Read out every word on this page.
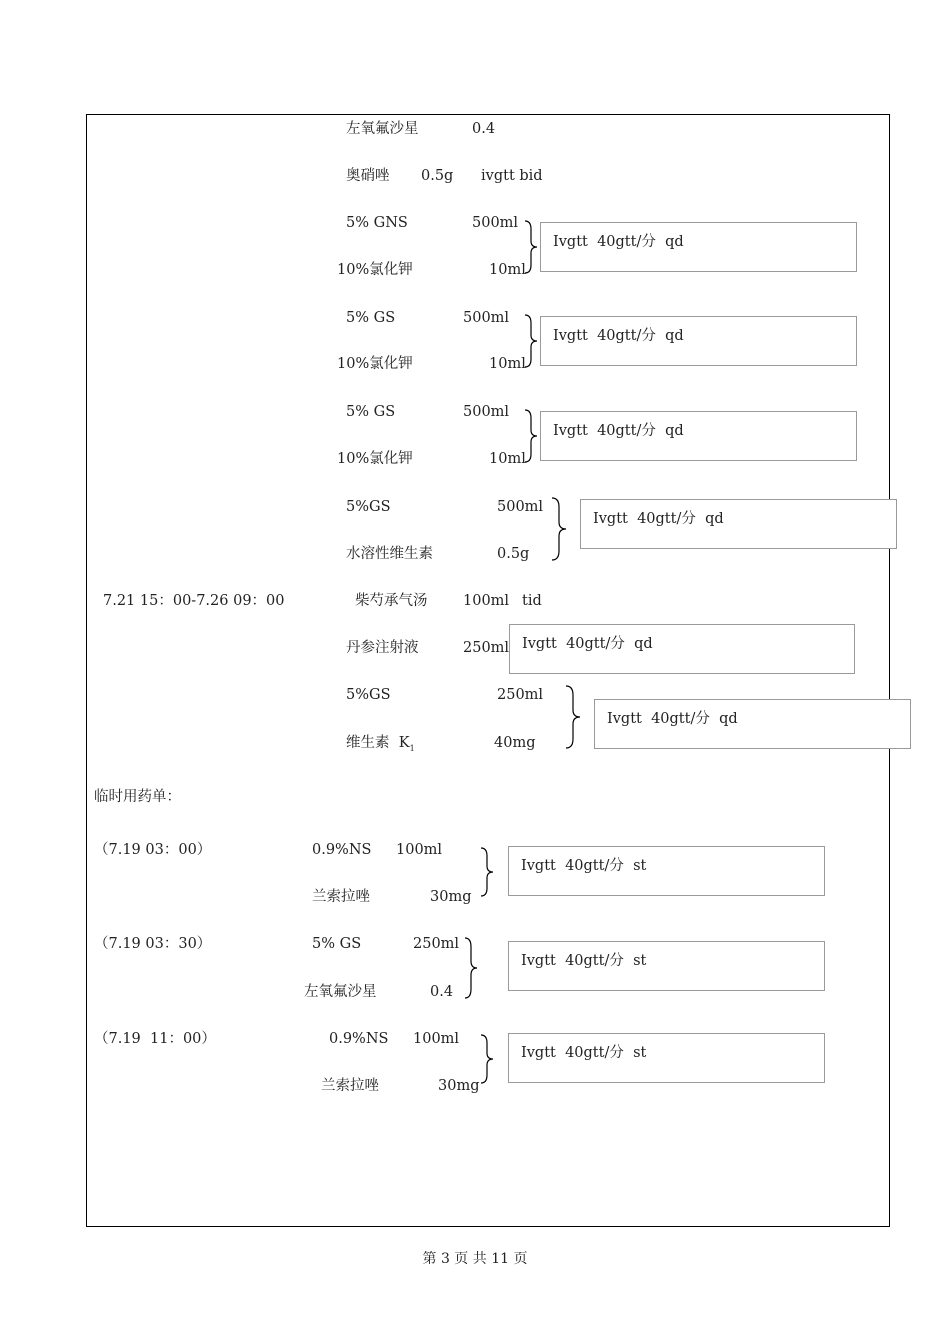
左氧氟沙星	0.4
奥硝唑 0.5g ivgtt bid
5% GNS	500ml
10%氯化钾	10ml
Ivgtt  40gtt/分  qd
5% GS	500ml
10%氯化钾	10ml
Ivgtt  40gtt/分  qd
5% GS	500ml
10%氯化钾	10ml
Ivgtt  40gtt/分  qd
5%GS	500ml
水溶性维生素	0.5g
Ivgtt  40gtt/分  qd
7.21 15：00-7.26 09：00	柴芍承气汤 100ml tid
丹参注射液	250ml Ivgtt  40gtt/分  qd
5%GS	250ml
维生素  $K_1$	40mg
Ivgtt  40gtt/分  qd
临时用药单：
（7.19 03：00）	0.9%NS 100ml
兰索拉唑	30mg
Ivgtt  40gtt/分  st
（7.19 03：30）	5% GS	250ml
左氧氟沙星	0.4
Ivgtt  40gtt/分  st
（7.19  11：00）	0.9%NS 100ml
兰索拉唑	30mg
Ivgtt  40gtt/分  st
第 3 页 共 11 页
